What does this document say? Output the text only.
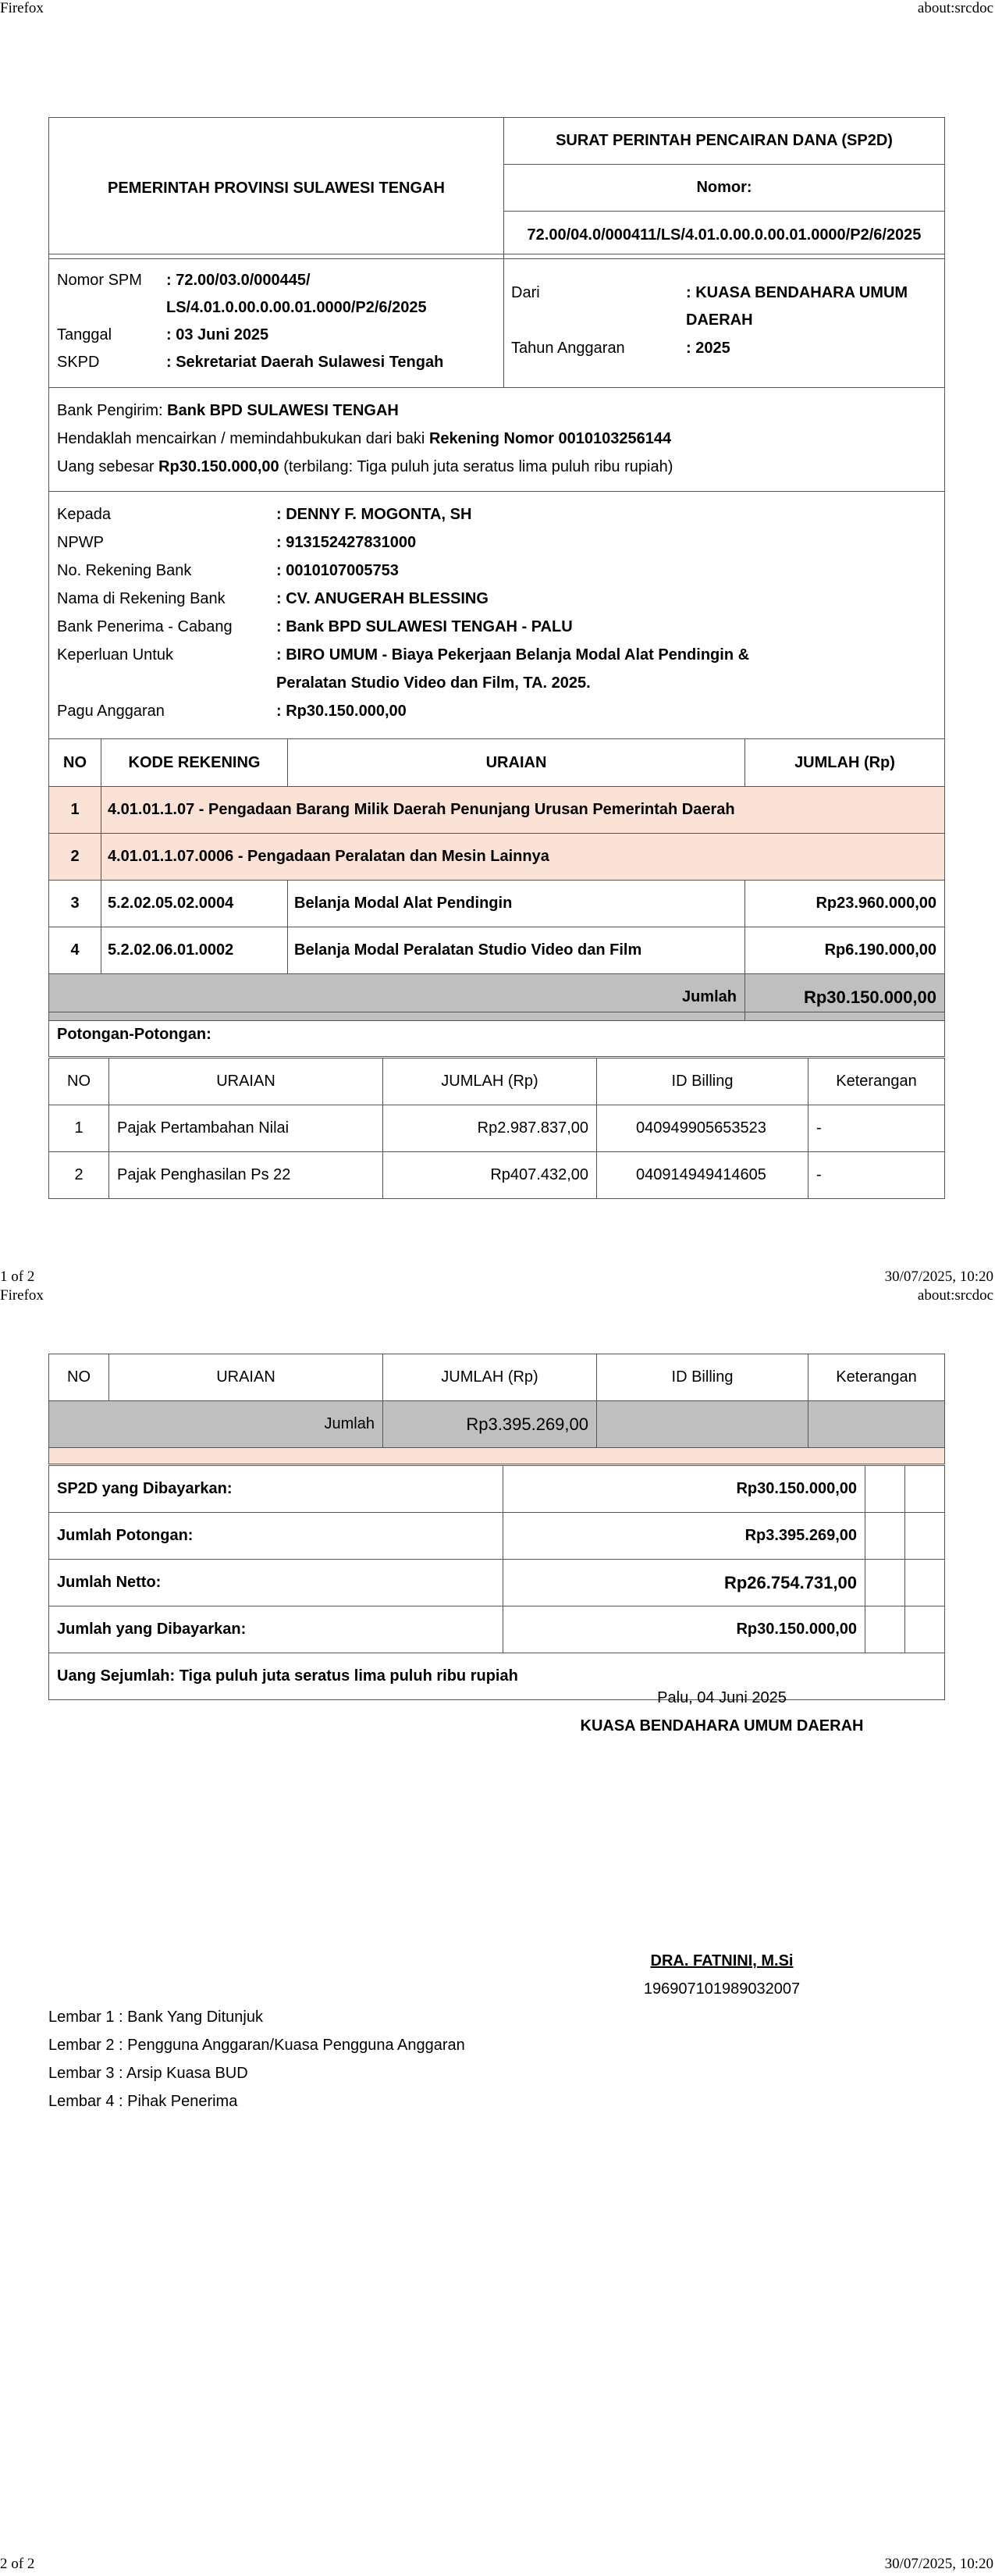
Firefox	about:srcdoc
PEMERINTAH PROVINSI SULAWESI TENGAH	SURAT PERINTAH PENCAIRAN DANA (SP2D)
Nomor:
72.00/04.0/000411/LS/4.01.0.00.0.00.01.0000/P2/6/2025
Nomor SPM : 72.00/03.0/000445/
LS/4.01.0.00.0.00.01.0000/P2/6/2025
Tanggal	: 03 Juni 2025
SKPD	: Sekretariat Daerah Sulawesi Tengah
Dari	: KUASA BENDAHARA UMUM
DAERAH
Tahun Anggaran	: 2025
Bank Pengirim: Bank BPD SULAWESI TENGAH
Hendaklah mencairkan / memindahbukukan dari baki Rekening Nomor 0010103256144
Uang sebesar Rp30.150.000,00 (terbilang: Tiga puluh juta seratus lima puluh ribu rupiah)
Kepada	: DENNY F. MOGONTA, SH
NPWP	: 913152427831000
No. Rekening Bank	: 0010107005753
Nama di Rekening Bank	: CV. ANUGERAH BLESSING
Bank Penerima - Cabang	: Bank BPD SULAWESI TENGAH - PALU
Keperluan Untuk	: BIRO UMUM - Biaya Pekerjaan Belanja Modal Alat Pendingin &
Peralatan Studio Video dan Film, TA. 2025.
Pagu Anggaran	: Rp30.150.000,00
NO	KODE REKENING	URAIAN	JUMLAH (Rp)
1	4.01.01.1.07 - Pengadaan Barang Milik Daerah Penunjang Urusan Pemerintah Daerah		
2	4.01.01.1.07.0006 - Pengadaan Peralatan dan Mesin Lainnya		
3	5.2.02.05.02.0004	Belanja Modal Alat Pendingin	Rp23.960.000,00
4	5.2.02.06.01.0002	Belanja Modal Peralatan Studio Video dan Film	Rp6.190.000,00
Jumlah			Rp30.150.000,00
Potongan-Potongan:
NO	URAIAN	JUMLAH (Rp)	ID Billing	Keterangan
1	Pajak Pertambahan Nilai	Rp2.987.837,00	040949905653523	-
2	Pajak Penghasilan Ps 22	Rp407.432,00	040914949414605	-
1 of 2	30/07/2025, 10:20
Firefox	about:srcdoc
NO	URAIAN	JUMLAH (Rp)	ID Billing	Keterangan
Jumlah		Rp3.395.269,00		

SP2D yang Dibayarkan:	Rp30.150.000,00		
Jumlah Potongan:	Rp3.395.269,00		
Jumlah Netto:	Rp26.754.731,00		
Jumlah yang Dibayarkan:	Rp30.150.000,00		
Uang Sejumlah: Tiga puluh juta seratus lima puluh ribu rupiah			
Palu, 04 Juni 2025
KUASA BENDAHARA UMUM DAERAH
DRA. FATNINI, M.Si
196907101989032007
Lembar 1 : Bank Yang Ditunjuk
Lembar 2 : Pengguna Anggaran/Kuasa Pengguna Anggaran
Lembar 3 : Arsip Kuasa BUD
Lembar 4 : Pihak Penerima
2 of 2	30/07/2025, 10:20
